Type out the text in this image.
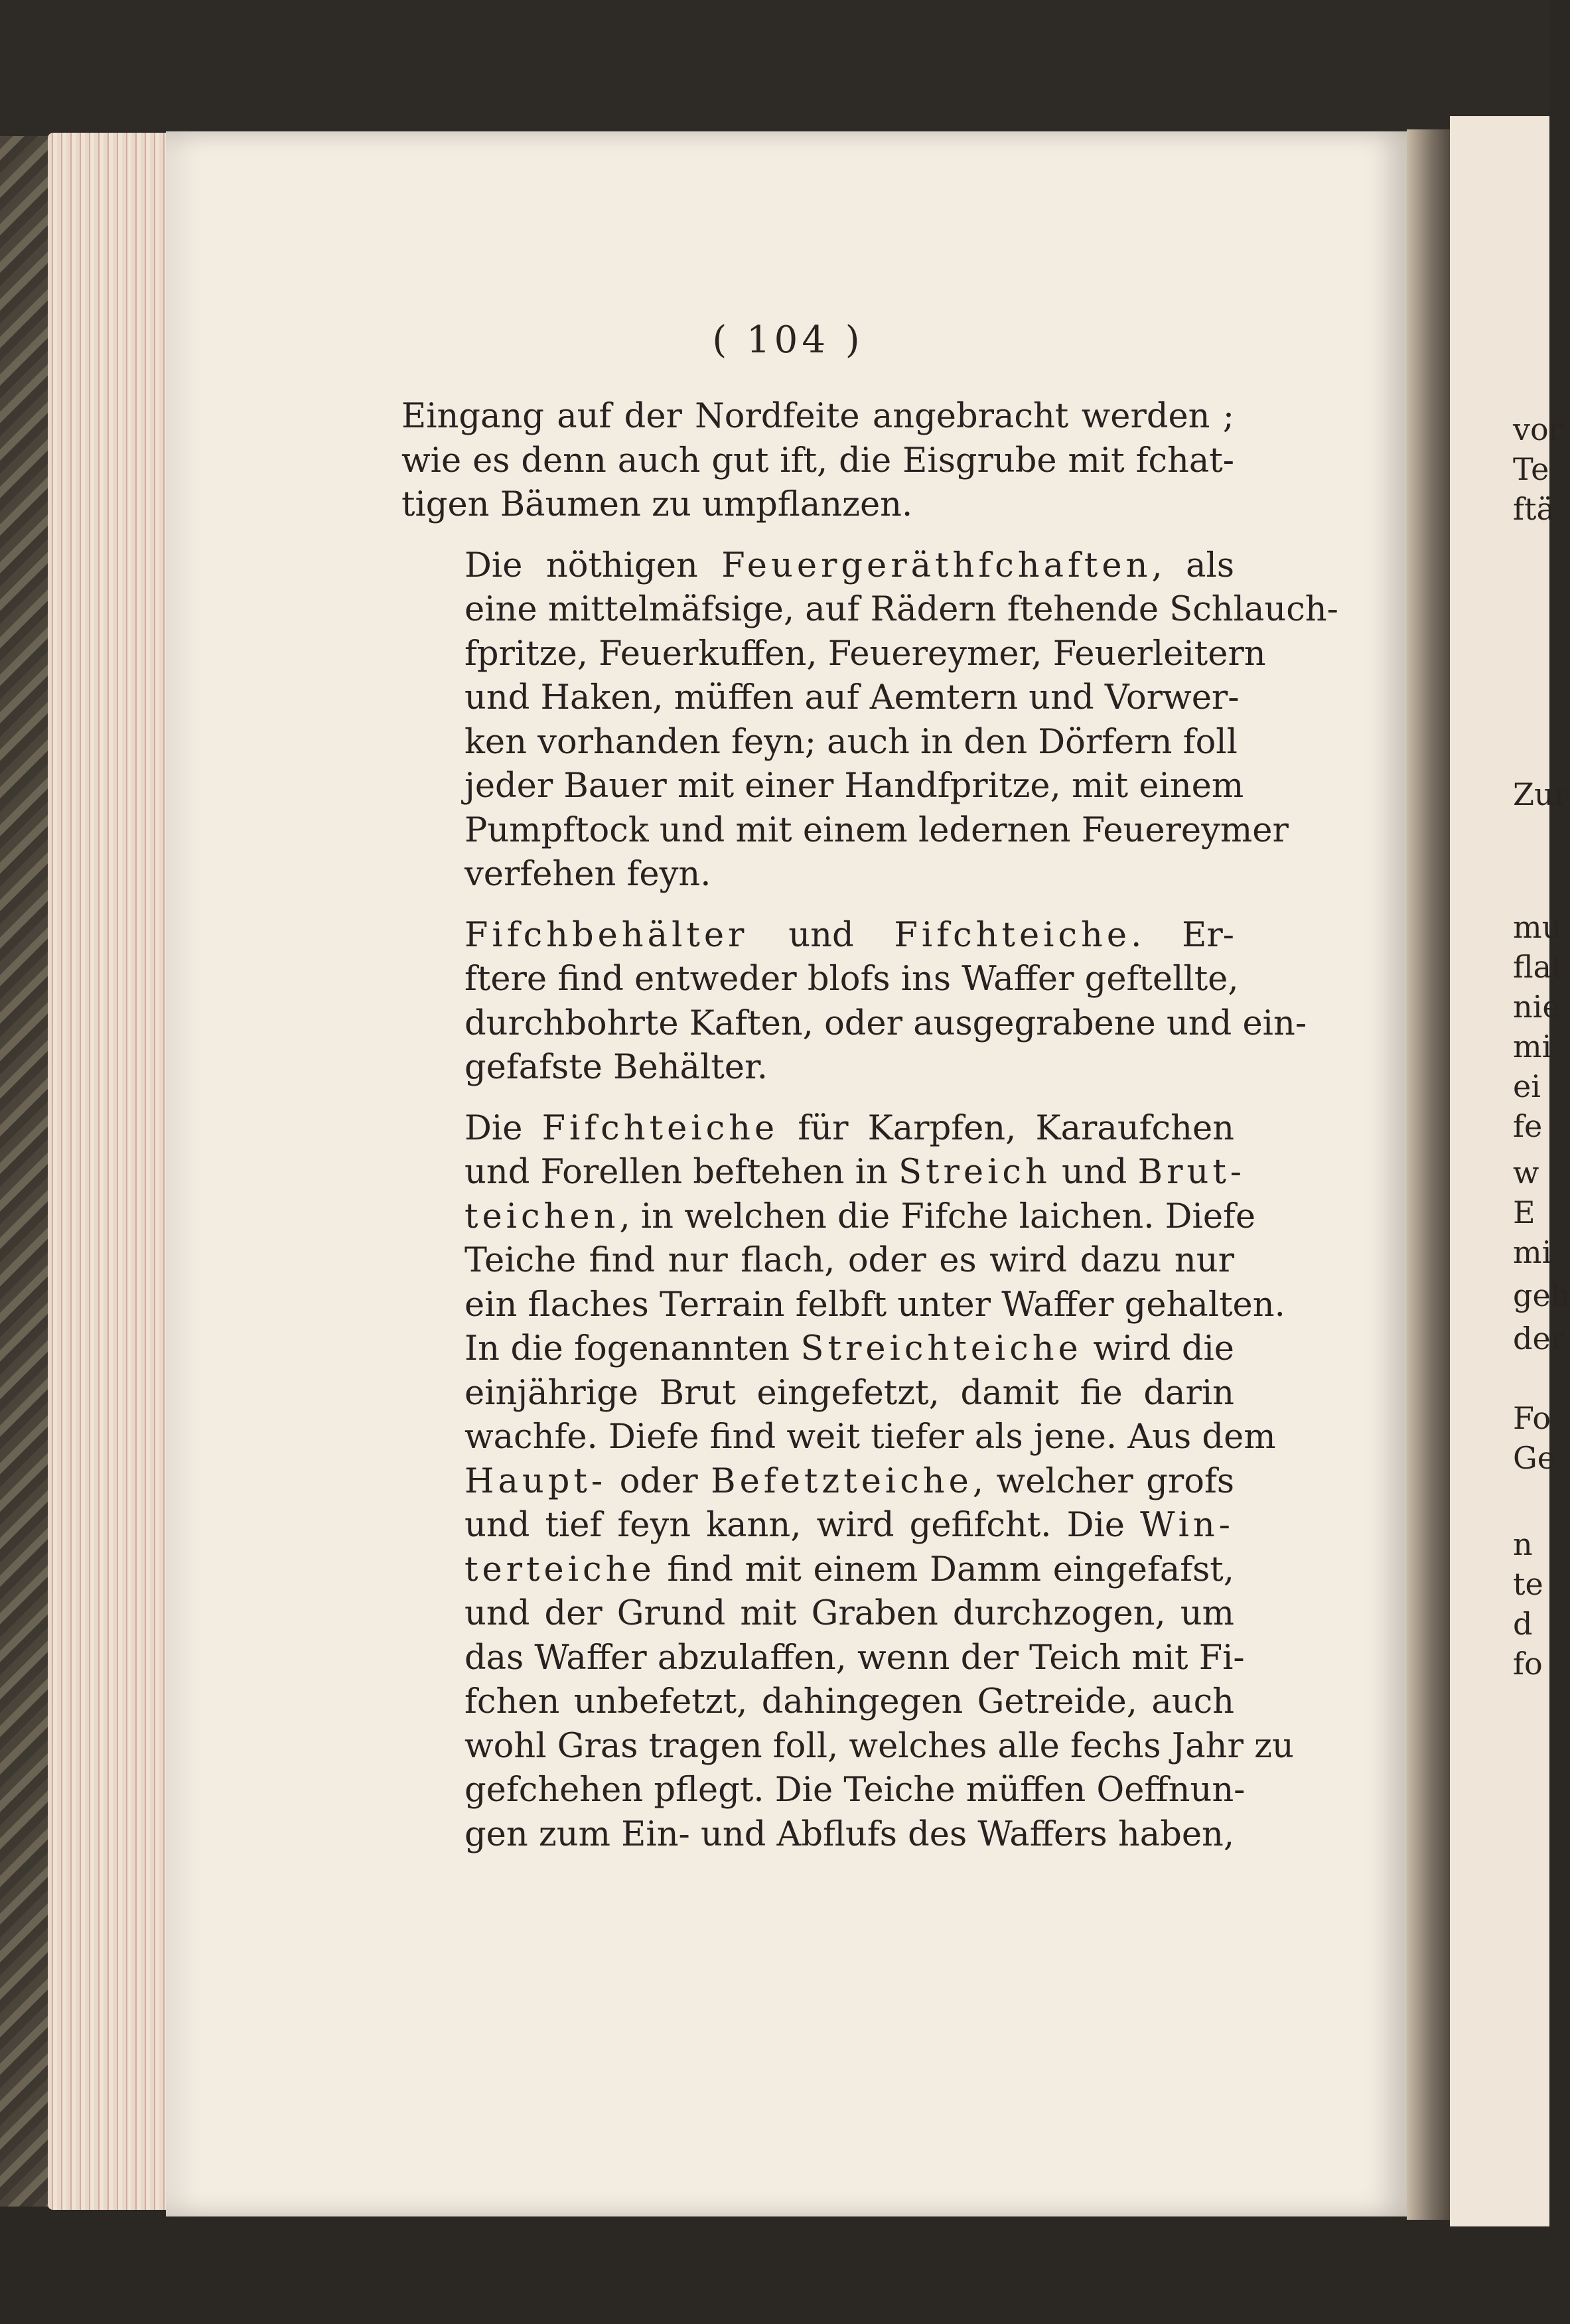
( 104 )
Eingang auf der Nordfeite angebracht werden ;
wie es denn auch gut ift, die Eisgrube mit fchat-
tigen Bäumen zu umpflanzen.
Die nöthigen Feuergeräthfchaften, als
eine mittelmäfsige, auf Rädern ftehende Schlauch-
fpritze, Feuerkuffen, Feuereymer, Feuerleitern
und Haken, müffen auf Aemtern und Vorwer-
ken vorhanden feyn; auch in den Dörfern foll
jeder Bauer mit einer Handfpritze, mit einem
Pumpftock und mit einem ledernen Feuereymer
verfehen feyn.
Fifchbehälter und Fifchteiche. Er-
ftere find entweder blofs ins Waffer geftellte,
durchbohrte Kaften, oder ausgegrabene und ein-
gefafste Behälter.
Die Fifchteiche für Karpfen, Karaufchen
und Forellen beftehen in Streich und Brut-
teichen, in welchen die Fifche laichen. Diefe
Teiche find nur flach, oder es wird dazu nur
ein flaches Terrain felbft unter Waffer gehalten.
In die fogenannten Streichteiche wird die
einjährige Brut eingefetzt, damit fie darin
wachfe. Diefe find weit tiefer als jene. Aus dem
Haupt- oder Befetzteiche, welcher grofs
und tief feyn kann, wird gefifcht. Die Win-
terteiche find mit einem Damm eingefafst,
und der Grund mit Graben durchzogen, um
das Waffer abzulaffen, wenn der Teich mit Fi-
fchen unbefetzt, dahingegen Getreide, auch
wohl Gras tragen foll, welches alle fechs Jahr zu
gefchehen pflegt. Die Teiche müffen Oeffnun-
gen zum Ein- und Abflufs des Waffers haben,
vor
Te
ftä
Zur
mu
flat
nie
mi
ei
fe
w
E
mi
geh
der
Fo
Ge
n
te
d
fo
